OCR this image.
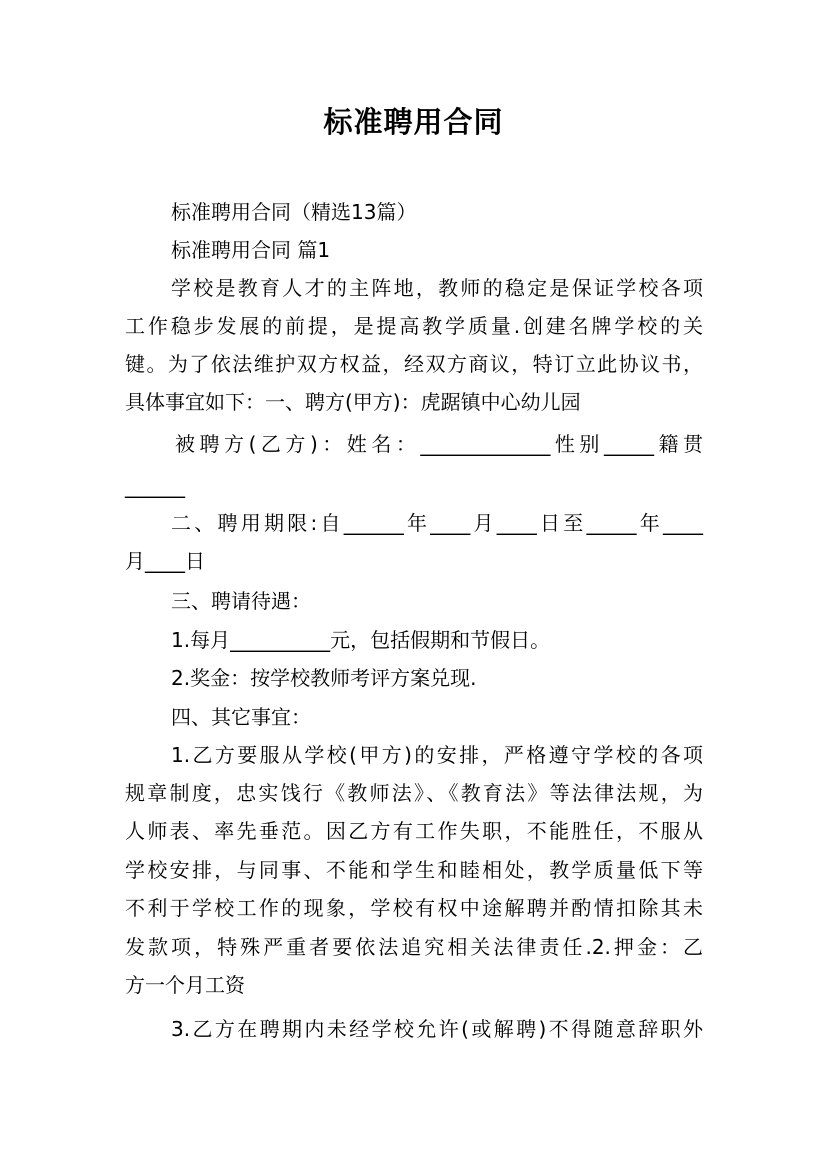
标准聘用合同
标准聘用合同（精选13篇）
标准聘用合同 篇1
学校是教育人才的主阵地，教师的稳定是保证学校各项
工作稳步发展的前提，是提高教学质量.创建名牌学校的关
键。为了依法维护双方权益，经双方商议，特订立此协议书，
具体事宜如下：一、聘方(甲方)：虎踞镇中心幼儿园
被聘方(乙方)：姓名：_____________性别_____籍贯
______
二、聘用期限:自______年____月____日至_____年____
月____日
三、聘请待遇：
1.每月__________元，包括假期和节假日。
2.奖金：按学校教师考评方案兑现.
四、其它事宜：
1.乙方要服从学校(甲方)的安排，严格遵守学校的各项
规章制度，忠实饯行《教师法》、《教育法》等法律法规，为
人师表、率先垂范。因乙方有工作失职，不能胜任，不服从
学校安排，与同事、不能和学生和睦相处，教学质量低下等
不利于学校工作的现象，学校有权中途解聘并酌情扣除其未
发款项，特殊严重者要依法追究相关法律责任.2.押金：乙
方一个月工资
3.乙方在聘期内未经学校允许(或解聘)不得随意辞职外
